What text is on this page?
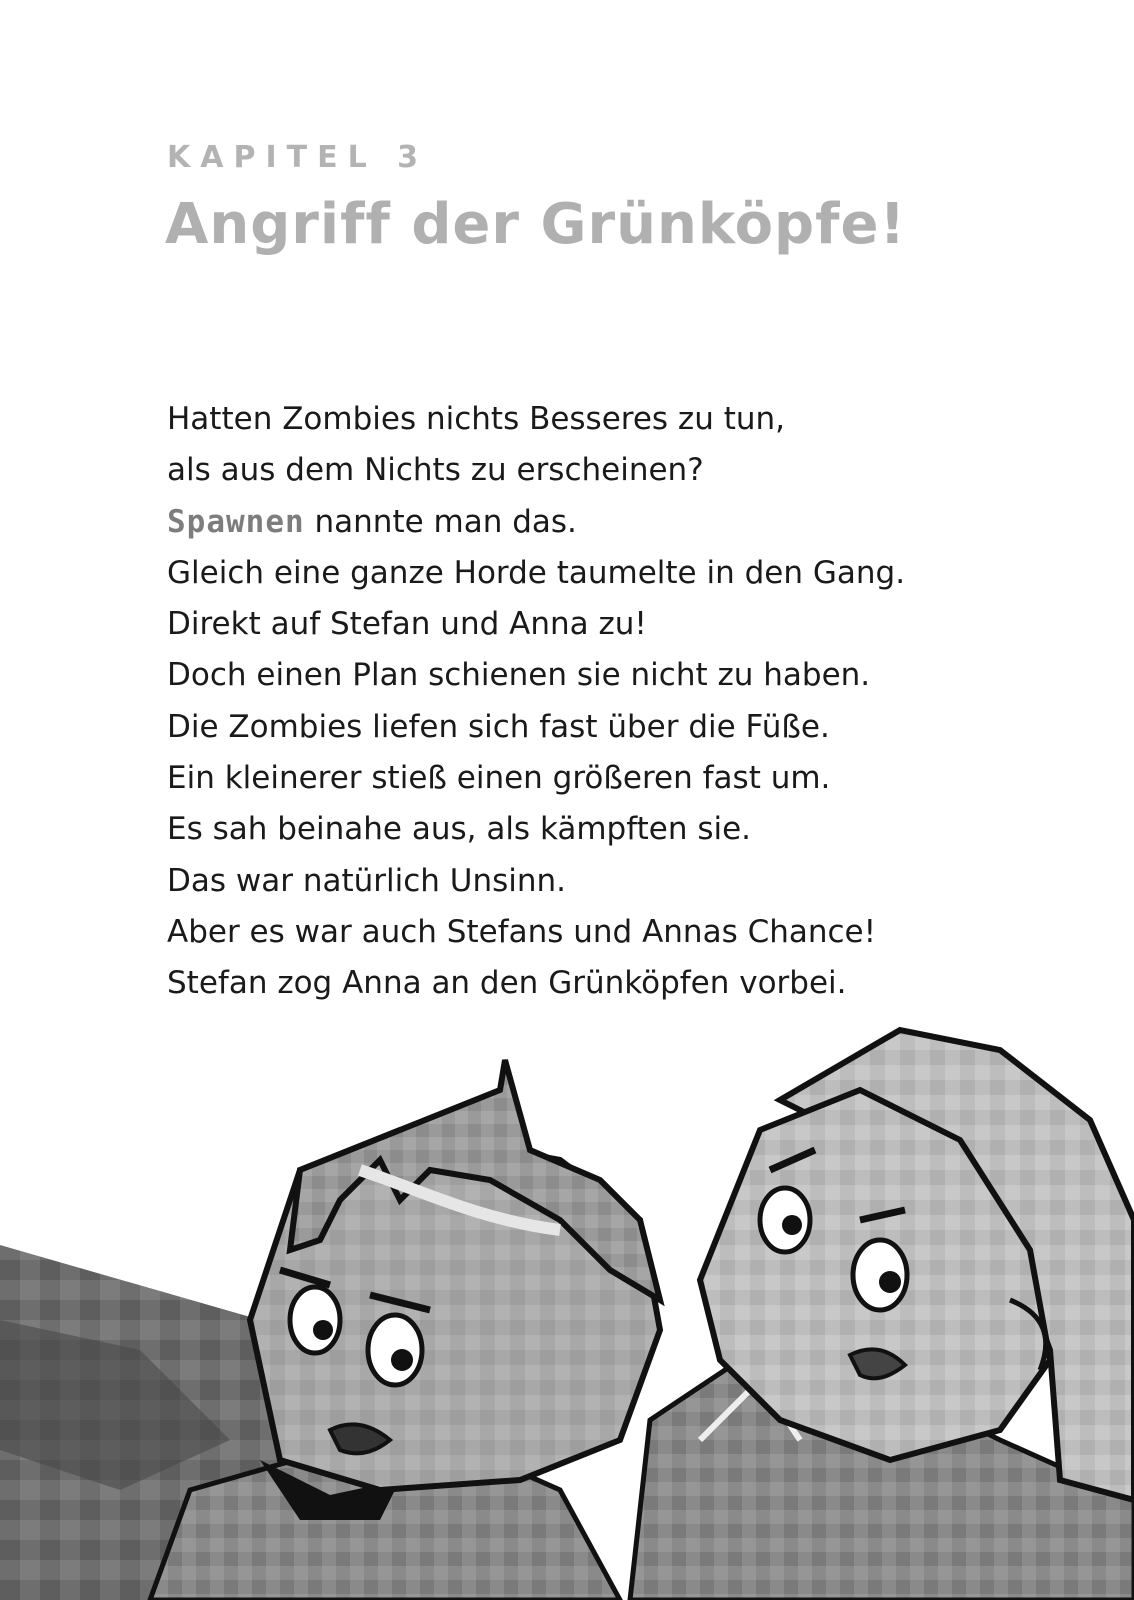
KAPITEL 3
Angriff der Grünköpfe!
Hatten Zombies nichts Besseres zu tun,
als aus dem Nichts zu erscheinen?
Spawnen nannte man das.
Gleich eine ganze Horde taumelte in den Gang.
Direkt auf Stefan und Anna zu!
Doch einen Plan schienen sie nicht zu haben.
Die Zombies liefen sich fast über die Füße.
Ein kleinerer stieß einen größeren fast um.
Es sah beinahe aus, als kämpften sie.
Das war natürlich Unsinn.
Aber es war auch Stefans und Annas Chance!
Stefan zog Anna an den Grünköpfen vorbei.
